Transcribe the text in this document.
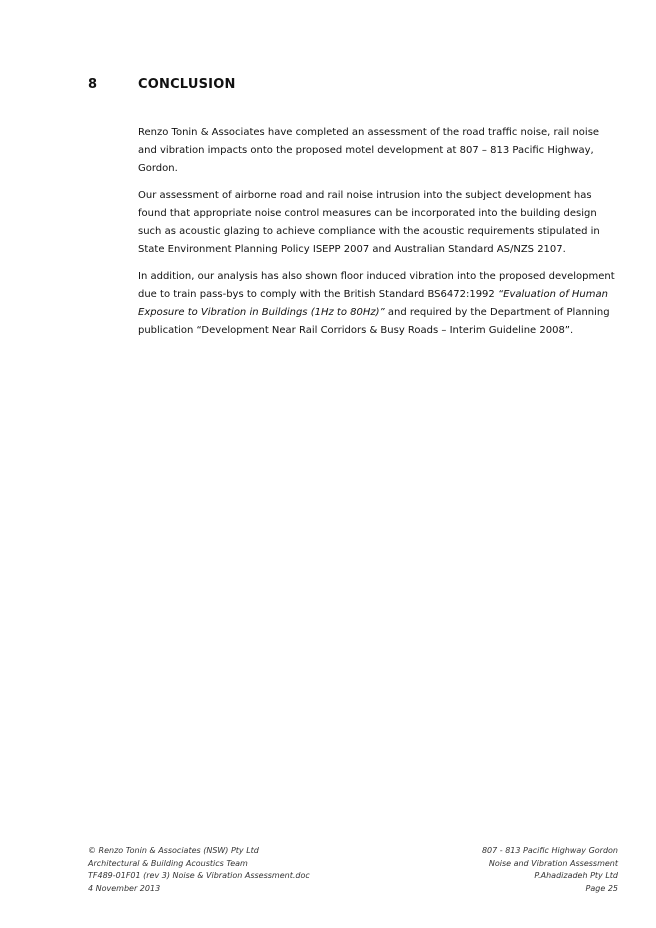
8	CONCLUSION

Renzo Tonin & Associates have completed an assessment of the road traffic noise, rail noise and vibration impacts onto the proposed motel development at 807 – 813 Pacific Highway, Gordon.

Our assessment of airborne road and rail noise intrusion into the subject development has found that appropriate noise control measures can be incorporated into the building design such as acoustic glazing to achieve compliance with the acoustic requirements stipulated in State Environment Planning Policy ISEPP 2007 and Australian Standard AS/NZS 2107.

In addition, our analysis has also shown floor induced vibration into the proposed development due to train pass-bys to comply with the British Standard BS6472:1992 “Evaluation of Human Exposure to Vibration in Buildings (1Hz to 80Hz)” and required by the Department of Planning publication “Development Near Rail Corridors & Busy Roads – Interim Guideline 2008”.

© Renzo Tonin & Associates (NSW) Pty Ltd
Architectural & Building Acoustics Team
TF489-01F01 (rev 3) Noise & Vibration Assessment.doc
4 November 2013
807 - 813 Pacific Highway Gordon
Noise and Vibration Assessment
P.Ahadizadeh Pty Ltd
Page 25
